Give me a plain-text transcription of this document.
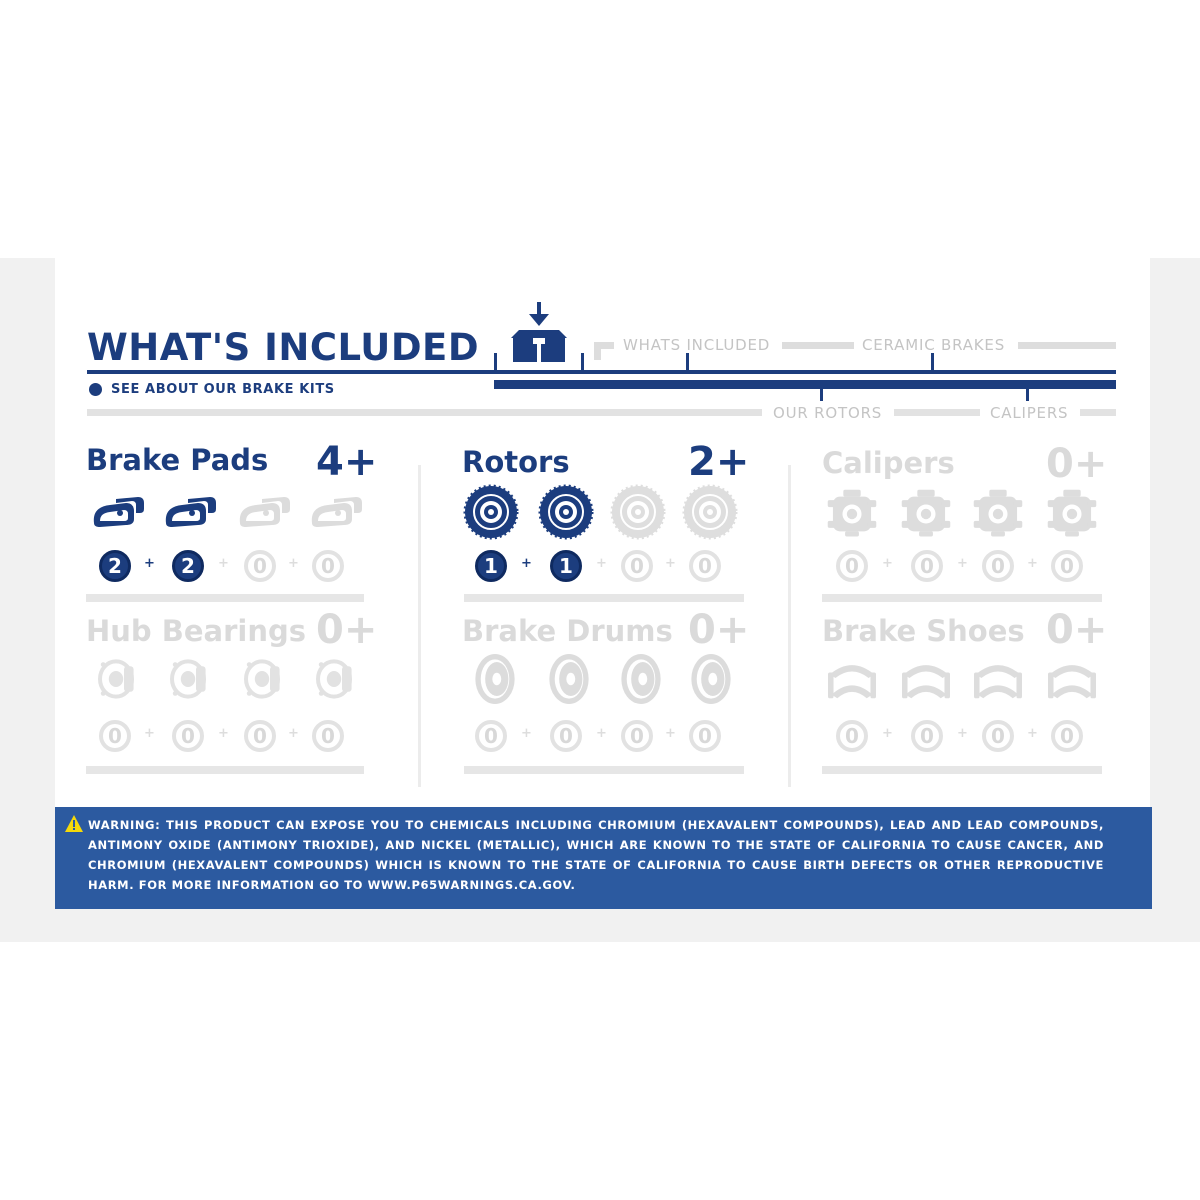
WHAT'S INCLUDED
SEE ABOUT OUR BRAKE KITS
WHATS INCLUDED	CERAMIC BRAKES
OUR ROTORS	CALIPERS
Brake Pads 4+
2	+	2	+	0	+	0
Rotors	2+
1	+	1	+	0	+	0
Calipers 0+
0	+	0	+	0	+	0
Hub Bearings 0+
0	+	0	+	0	+	0
Brake Drums 0+
0	+	0	+	0	+	0
Brake Shoes 0+
0	+	0	+	0	+	0
WARNING: THIS PRODUCT CAN EXPOSE YOU TO CHEMICALS INCLUDING CHROMIUM (HEXAVALENT COMPOUNDS), LEAD AND LEAD COMPOUNDS, ANTIMONY OXIDE (ANTIMONY TRIOXIDE), AND NICKEL (METALLIC), WHICH ARE KNOWN TO THE STATE OF CALIFORNIA TO CAUSE CANCER, AND CHROMIUM (HEXAVALENT COMPOUNDS) WHICH IS KNOWN TO THE STATE OF CALIFORNIA TO CAUSE BIRTH DEFECTS OR OTHER REPRODUCTIVE HARM. FOR MORE INFORMATION GO TO WWW.P65WARNINGS.CA.GOV.
